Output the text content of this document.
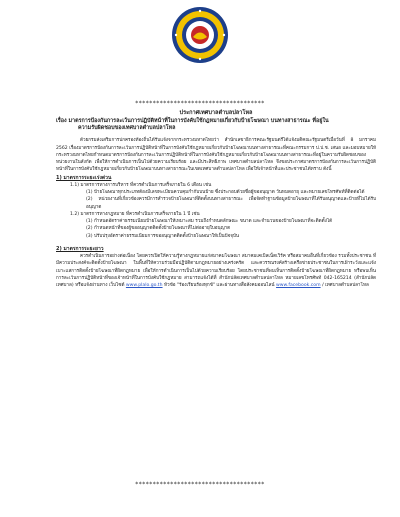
*************************************
ประกาศเทศบาลตำบลปลาโหล
เรื่อง มาตรการป้องกันการละเว้นการปฏิบัติหน้าที่ในการบังคับใช้กฎหมายเกี่ยวกับป้ายโฆษณา บนทางสาธารณะ ที่อยู่ใน
ความรับผิดชอบของเทศบาลตำบลปลาโหล

ด้วยกรมส่งเสริมการปกครองท้องถิ่นได้รับแจ้งจากกระทรวงมหาดไทยว่า สำนักเลขาธิการคณะรัฐมนตรีได้แจ้งมติคณะรัฐมนตรีเมื่อวันที่ 8 มกราคม 2562 เรื่องมาตรการป้องกันการละเว้นการปฏิบัติหน้าที่ในการบังคับใช้กฎหมายเกี่ยวกับป้ายโฆษณาบนทางสาธารณะที่คณะกรรมการ ป.ป.ช. เสนอ และมอบหมายให้กระทรวงมหาดไทยกำหนดมาตรการป้องกันการละเว้นการปฏิบัติหน้าที่ในการบังคับใช้กฎหมายเกี่ยวกับป้ายโฆษณาบนทางสาธารณะที่อยู่ในความรับผิดชอบของหน่วยงานในสังกัด เพื่อให้การดำเนินการเป็นไปด้วยความเรียบร้อย และมีประสิทธิภาพ เทศบาลตำบลปลาโหล จึงขอประกาศมาตรการป้องกันการละเว้นการปฏิบัติหน้าที่ในการบังคับใช้กฎหมายเกี่ยวกับป้ายโฆษณาบนทางสาธารณะในเขตเทศบาลตำบลปลาโหล เพื่อให้เจ้าหน้าที่และประชาชนได้ทราบ ดังนี้

1) มาตรการระยะเร่งด่วน

1.1) มาตรการทางการบริหาร ที่ควรดำเนินการเสร็จภายใน 6 เดือน เช่น

(1) ป้ายโฆษณาทุกประเภทต้องมีเลขทะเบียนควบคุมกำกับบนป้าย ซึ่งประกอบด้วยชื่อผู้ขออนุญาต วันหมดอายุ และหมายเลขโทรศัพท์ที่ติดต่อได้

(2) หน่วยงานที่เกี่ยวข้องควรมีการสำรวจป้ายโฆษณาที่ติดตั้งบนทางสาธารณะ เพื่อจัดทำฐานข้อมูลป้ายโฆษณาที่ได้รับอนุญาตและป้ายที่ไม่ได้รับอนุญาต

1.2) มาตรการทางกฎหมาย ที่ควรดำเนินการเสร็จภายใน 1 ปี เช่น

(1) กำหนดอัตราค่าธรรมเนียมป้ายโฆษณาให้เหมาะสม รวมถึงกำหนดลักษณะ ขนาด และจำนวนของป้ายโฆษณาที่จะติดตั้งได้

(2) กำหนดหน้าที่ของผู้ขออนุญาตติดตั้งป้ายโฆษณาที่ไม่ต่ออายุใบอนุญาต

(3) ปรับปรุงอัตราค่าธรรมเนียมการขออนุญาตติดตั้งป้ายโฆษณาให้เป็นปัจจุบัน

2) มาตรการระยะยาว

ควรดำเนินการอย่างต่อเนื่อง โดยควรเปิดให้ความรู้ทางกฎหมายแก่สมาคมโฆษณา สมาคมเคเบิลเน็ตเวิร์ค หรือสมาคมอื่นที่เกี่ยวข้อง รวมทั้งประชาชน ที่มีความประสงค์จะติดตั้งป้ายโฆษณา ในพื้นที่ให้ความร่วมมือปฏิบัติตามกฎหมายอย่างเคร่งครัด และควรรณรงค์สร้างเครือข่ายประชาชนในการเฝ้าระวังและแจ้งเบาะแสการติดตั้งป้ายโฆษณาที่ผิดกฎหมาย เพื่อให้การดำเนินการเป็นไปด้วยความเรียบร้อย โดยประชาชนที่พบเห็นการติดตั้งป้ายโฆษณาที่ผิดกฎหมาย หรือพบเห็นการละเว้นการปฏิบัติหน้าที่ของเจ้าหน้าที่ในการบังคับใช้กฎหมาย สามารถแจ้งได้ที่ สำนักปลัดเทศบาลตำบลปลาโหล หมายเลขโทรศัพท์ 042-165214 (สำนักปลัดเทศบาล) หรือแจ้งผ่านทาง เว็บไซต์ www.plalo.go.th หัวข้อ "ร้องเรียนร้องทุกข์" และผ่านทางสื่อสังคมออนไลน์ www.facebook.com / เทศบาลตำบลปลาโหล

*************************************
